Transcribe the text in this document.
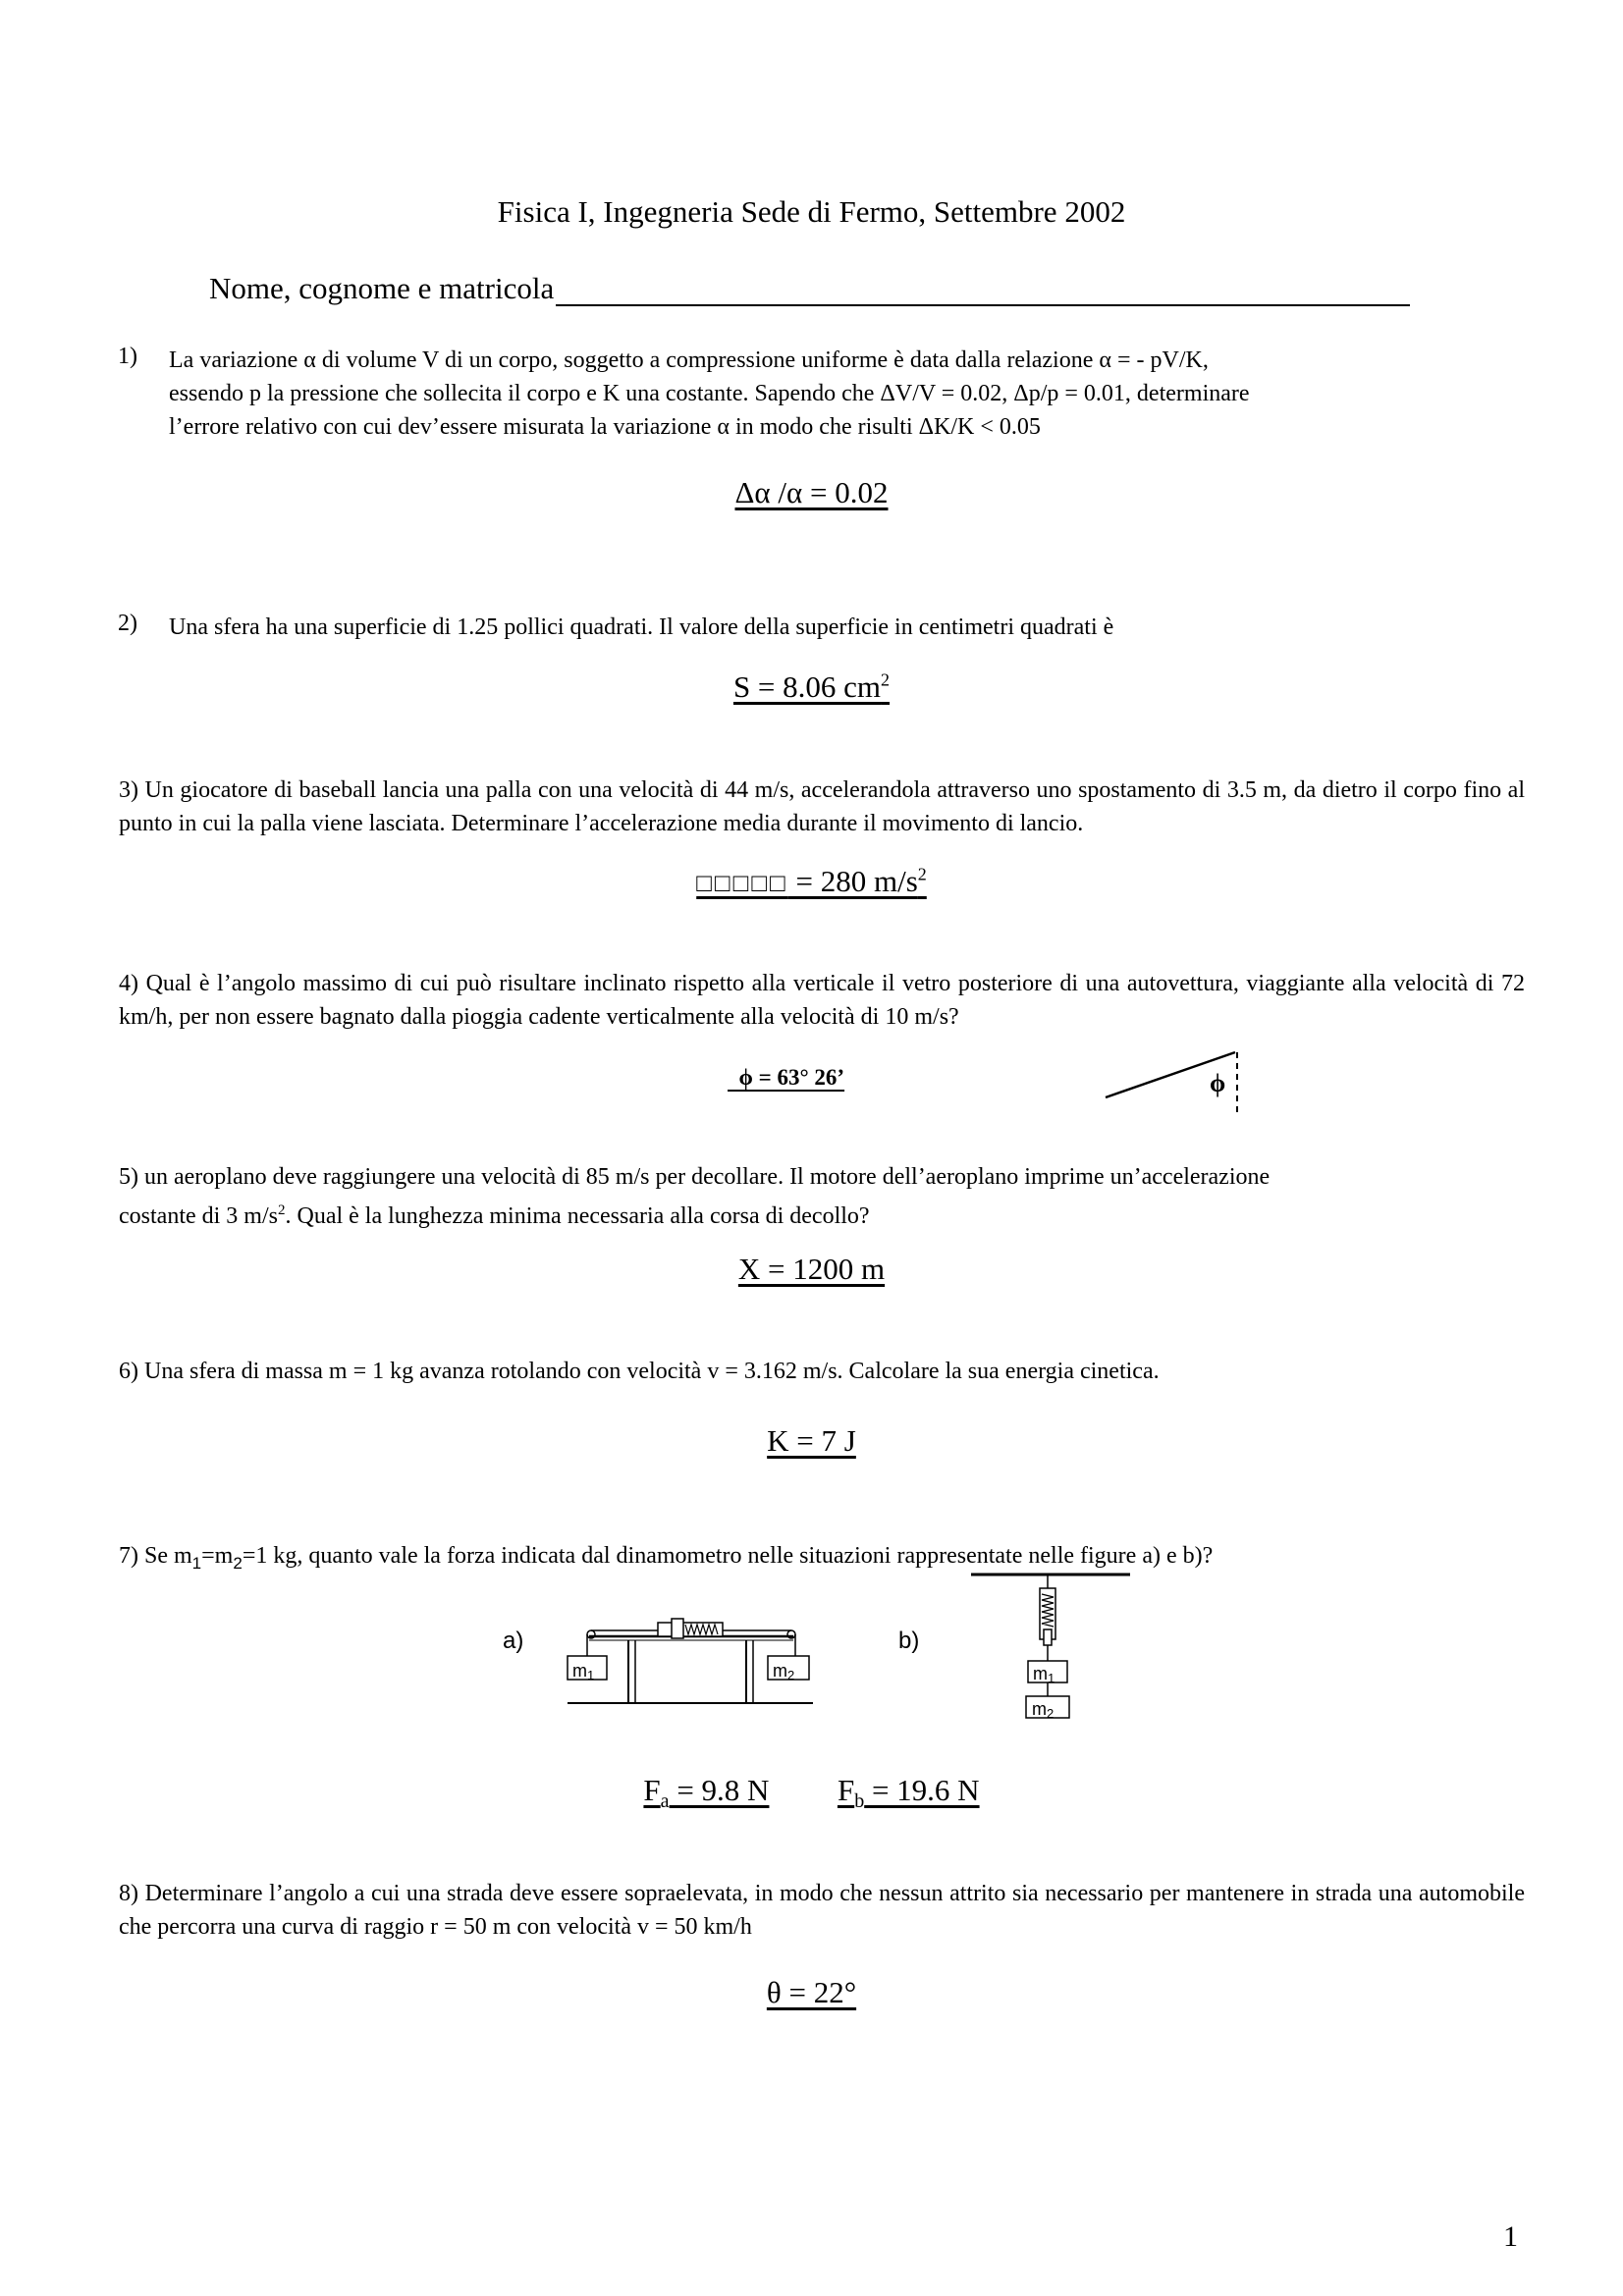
Fisica I, Ingegneria Sede di Fermo, Settembre 2002
Nome, cognome e matricola
1) La variazione α di volume V di un corpo, soggetto a compressione uniforme è data dalla relazione α = - pV/K,
essendo p la pressione che sollecita il corpo e K una costante. Sapendo che ΔV/V = 0.02, Δp/p = 0.01, determinare
l’errore relativo con cui dev’essere misurata la variazione α in modo che risulti ΔK/K < 0.05
Δα /α = 0.02
2) Una sfera ha una superficie di 1.25 pollici quadrati. Il valore della superficie in centimetri quadrati è
S = 8.06 $cm^2$
3) Un giocatore di baseball lancia una palla con una velocità di 44 m/s, accelerandola attraverso uno spostamento di 3.5 m, da dietro il corpo fino al punto in cui la palla viene lasciata. Determinare l’accelerazione media durante il movimento di lancio.
□□□□□ = 280 $m/s^2$
4) Qual è l’angolo massimo di cui può risultare inclinato rispetto alla verticale il vetro posteriore di una autovettura, viaggiante alla velocità di 72 km/h, per non essere bagnato dalla pioggia cadente verticalmente alla velocità di 10 m/s?
ϕ = 63° 26’	ϕ
5) un aeroplano deve raggiungere una velocità di 85 m/s per decollare. Il motore dell’aeroplano imprime un’accelerazione
costante di 3 $m/s^2$. Qual è la lunghezza minima necessaria alla corsa di decollo?
X = 1200 m
6) Una sfera di massa m = 1 kg avanza rotolando con velocità v = 3.162 m/s. Calcolare la sua energia cinetica.
K = 7 J
7) Se $m_1=m_2=1$ kg, quanto vale la forza indicata dal dinamometro nelle situazioni rappresentate nelle figure a) e b)?
a)
m1	m2
b)
m1
m2
$F_a = 9.8$ N $F_b = 19.6$ N
8) Determinare l’angolo a cui una strada deve essere sopraelevata, in modo che nessun attrito sia necessario per mantenere in strada una automobile che percorra una curva di raggio r = 50 m con velocità v = 50 km/h
θ = 22°
1
